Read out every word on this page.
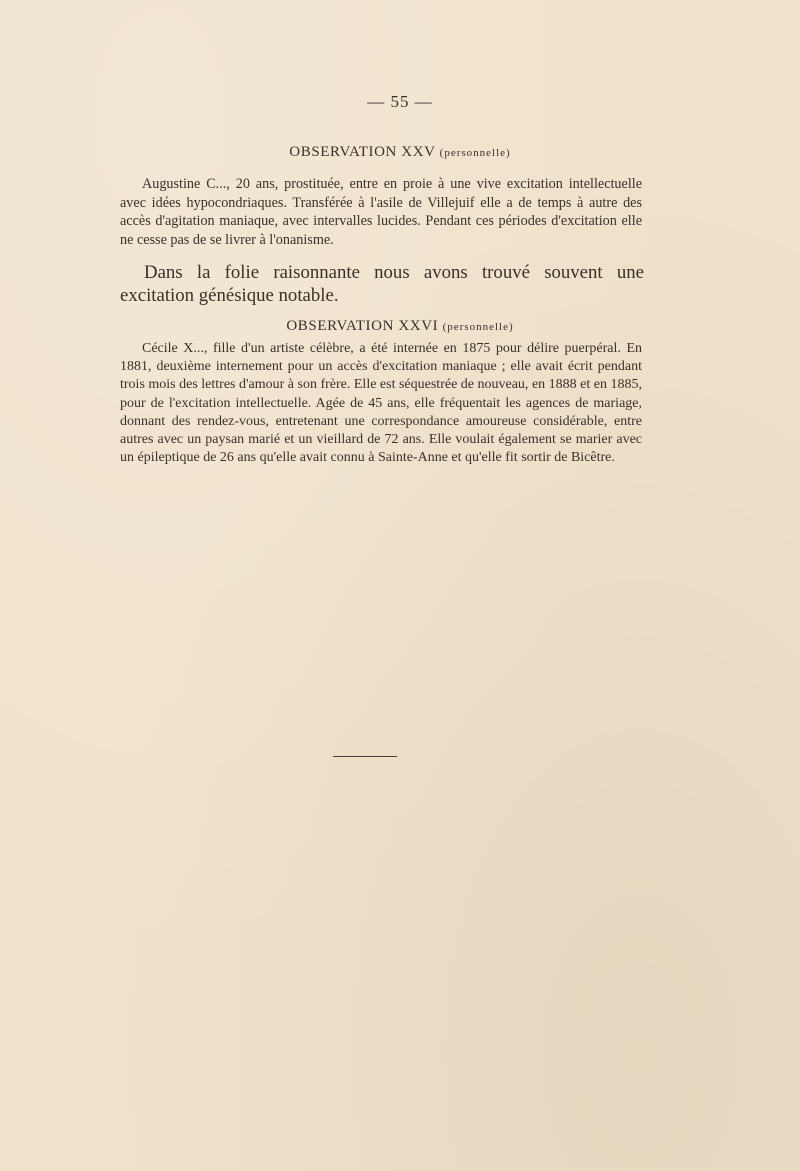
— 55 —
OBSERVATION XXV (personnelle)

Augustine C..., 20 ans, prostituée, entre en proie à une vive excitation intellectuelle avec idées hypocondriaques. Transférée à l'asile de Villejuif elle a de temps à autre des accès d'agitation maniaque, avec intervalles lucides. Pendant ces périodes d'excitation elle ne cesse pas de se livrer à l'onanisme.

Dans la folie raisonnante nous avons trouvé souvent une excitation génésique notable.

OBSERVATION XXVI (personnelle)

Cécile X..., fille d'un artiste célèbre, a été internée en 1875 pour délire puerpéral. En 1881, deuxième internement pour un accès d'excitation maniaque ; elle avait écrit pendant trois mois des lettres d'amour à son frère. Elle est séquestrée de nouveau, en 1888 et en 1885, pour de l'excitation intellectuelle. Agée de 45 ans, elle fréquentait les agences de mariage, donnant des rendez-vous, entretenant une correspondance amoureuse considérable, entre autres avec un paysan marié et un vieillard de 72 ans. Elle voulait également se marier avec un épileptique de 26 ans qu'elle avait connu à Sainte-Anne et qu'elle fit sortir de Bicêtre.
